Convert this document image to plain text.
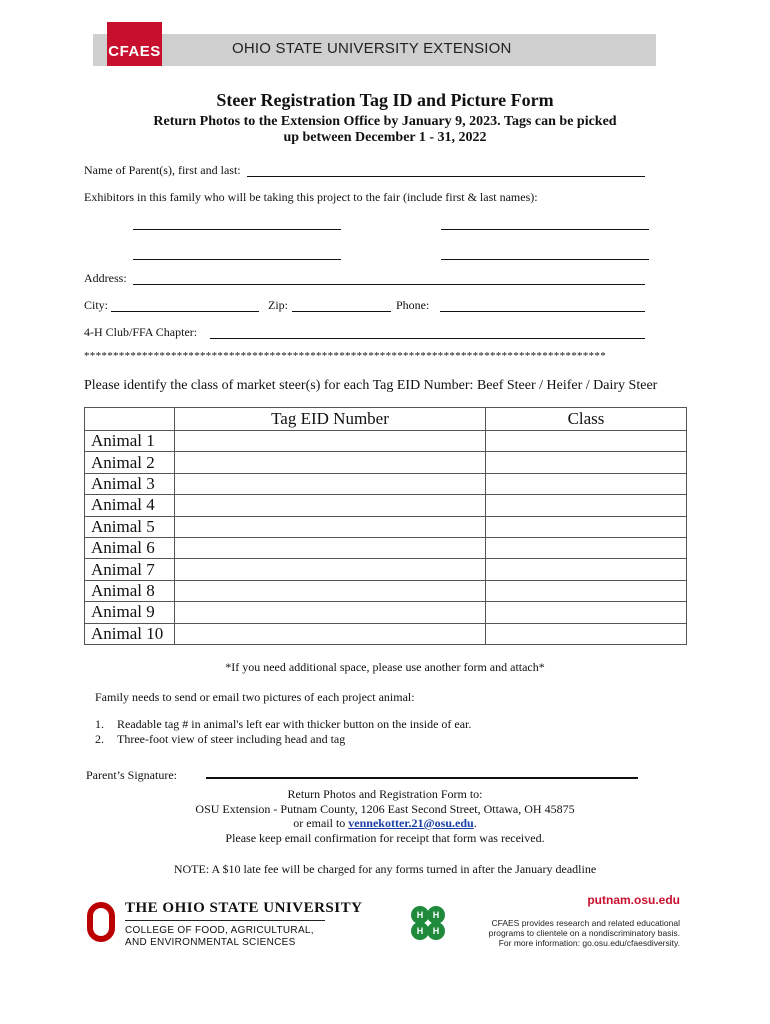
CFAES	OHIO STATE UNIVERSITY EXTENSION
Steer Registration Tag ID and Picture Form
Return Photos to the Extension Office by January 9, 2023. Tags can be picked
up between December 1 - 31, 2022
Name of Parent(s), first and last:
Exhibitors in this family who will be taking this project to the fair (include first & last names):
Address:
City:	Zip:	Phone:
4-H Club/FFA Chapter:
******************************************************************************************
Please identify the class of market steer(s) for each Tag EID Number: Beef Steer / Heifer / Dairy Steer
	Tag EID Number	Class
Animal 1		
Animal 2		
Animal 3		
Animal 4		
Animal 5		
Animal 6		
Animal 7		
Animal 8		
Animal 9		
Animal 10		
*If you need additional space, please use another form and attach*
Family needs to send or email two pictures of each project animal:
1. Readable tag # in animal's left ear with thicker button on the inside of ear.
2. Three-foot view of steer including head and tag
Parent’s Signature:
Return Photos and Registration Form to:
OSU Extension - Putnam County, 1206 East Second Street, Ottawa, OH 45875
or email to vennekotter.21@osu.edu.
Please keep email confirmation for receipt that form was received.
NOTE: A $10 late fee will be charged for any forms turned in after the January deadline
THE OHIO STATE UNIVERSITY
COLLEGE OF FOOD, AGRICULTURAL,
AND ENVIRONMENTAL SCIENCES
H H
H H
putnam.osu.edu
CFAES provides research and related educational
programs to clientele on a nondiscriminatory basis.
For more information: go.osu.edu/cfaesdiversity.
